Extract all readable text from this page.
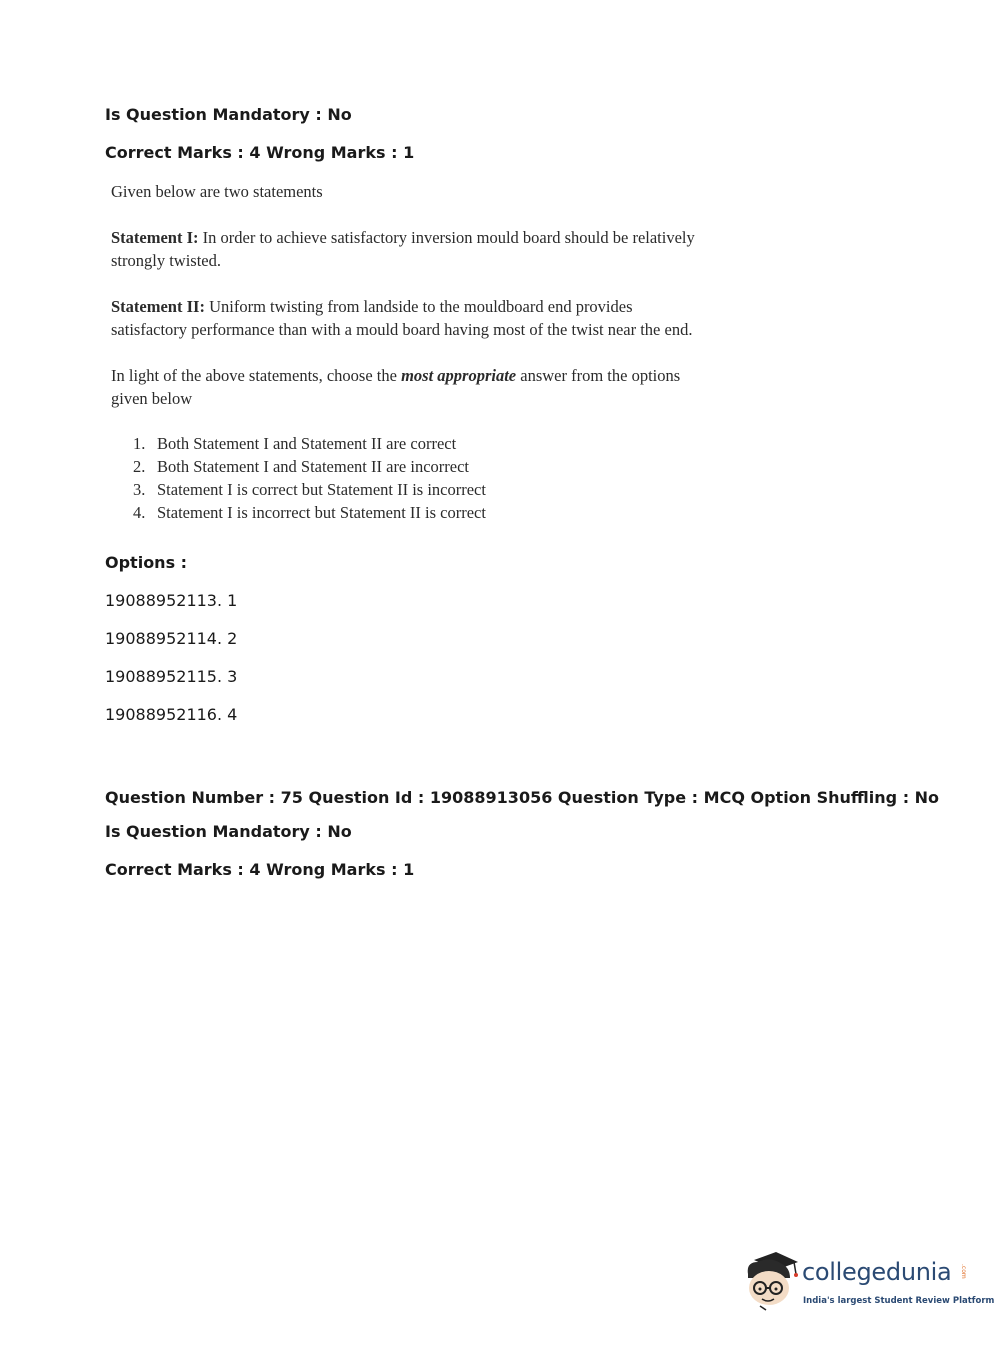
Is Question Mandatory : No
Correct Marks : 4 Wrong Marks : 1

Given below are two statements

Statement I: In order to achieve satisfactory inversion mould board should be relatively strongly twisted.

Statement II: Uniform twisting from landside to the mouldboard end provides satisfactory performance than with a mould board having most of the twist near the end.

In light of the above statements, choose the most appropriate answer from the options given below

1. Both Statement I and Statement II are correct
2. Both Statement I and Statement II are incorrect
3. Statement I is correct but Statement II is incorrect
4. Statement I is incorrect but Statement II is correct
Options :
19088952113. 1
19088952114. 2
19088952115. 3
19088952116. 4
Question Number : 75 Question Id : 19088913056 Question Type : MCQ Option Shuffling : No
Is Question Mandatory : No
Correct Marks : 4 Wrong Marks : 1
collegedunia .com
India's largest Student Review Platform
